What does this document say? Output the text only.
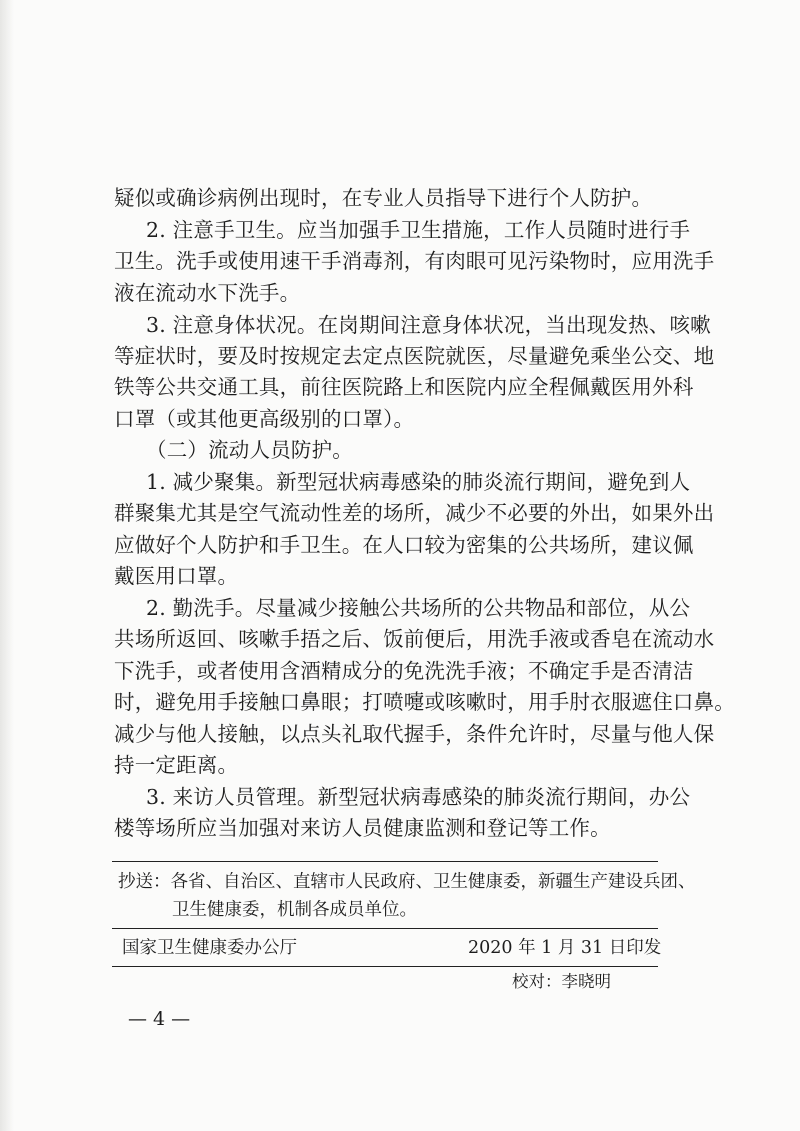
疑似或确诊病例出现时，在专业人员指导下进行个人防护。
2. 注意手卫生。应当加强手卫生措施，工作人员随时进行手
卫生。洗手或使用速干手消毒剂，有肉眼可见污染物时，应用洗手
液在流动水下洗手。
3. 注意身体状况。在岗期间注意身体状况，当出现发热、咳嗽
等症状时，要及时按规定去定点医院就医，尽量避免乘坐公交、地
铁等公共交通工具，前往医院路上和医院内应全程佩戴医用外科
口罩（或其他更高级别的口罩）。
（二）流动人员防护。
1. 减少聚集。新型冠状病毒感染的肺炎流行期间，避免到人
群聚集尤其是空气流动性差的场所，减少不必要的外出，如果外出
应做好个人防护和手卫生。在人口较为密集的公共场所，建议佩
戴医用口罩。
2. 勤洗手。尽量减少接触公共场所的公共物品和部位，从公
共场所返回、咳嗽手捂之后、饭前便后，用洗手液或香皂在流动水
下洗手，或者使用含酒精成分的免洗洗手液；不确定手是否清洁
时，避免用手接触口鼻眼；打喷嚏或咳嗽时，用手肘衣服遮住口鼻。
减少与他人接触，以点头礼取代握手，条件允许时，尽量与他人保
持一定距离。
3. 来访人员管理。新型冠状病毒感染的肺炎流行期间，办公
楼等场所应当加强对来访人员健康监测和登记等工作。
抄送：各省、自治区、直辖市人民政府、卫生健康委，新疆生产建设兵团、
卫生健康委，机制各成员单位。
国家卫生健康委办公厅	2020 年 1 月 31 日印发
校对：李晓明
— 4 —
